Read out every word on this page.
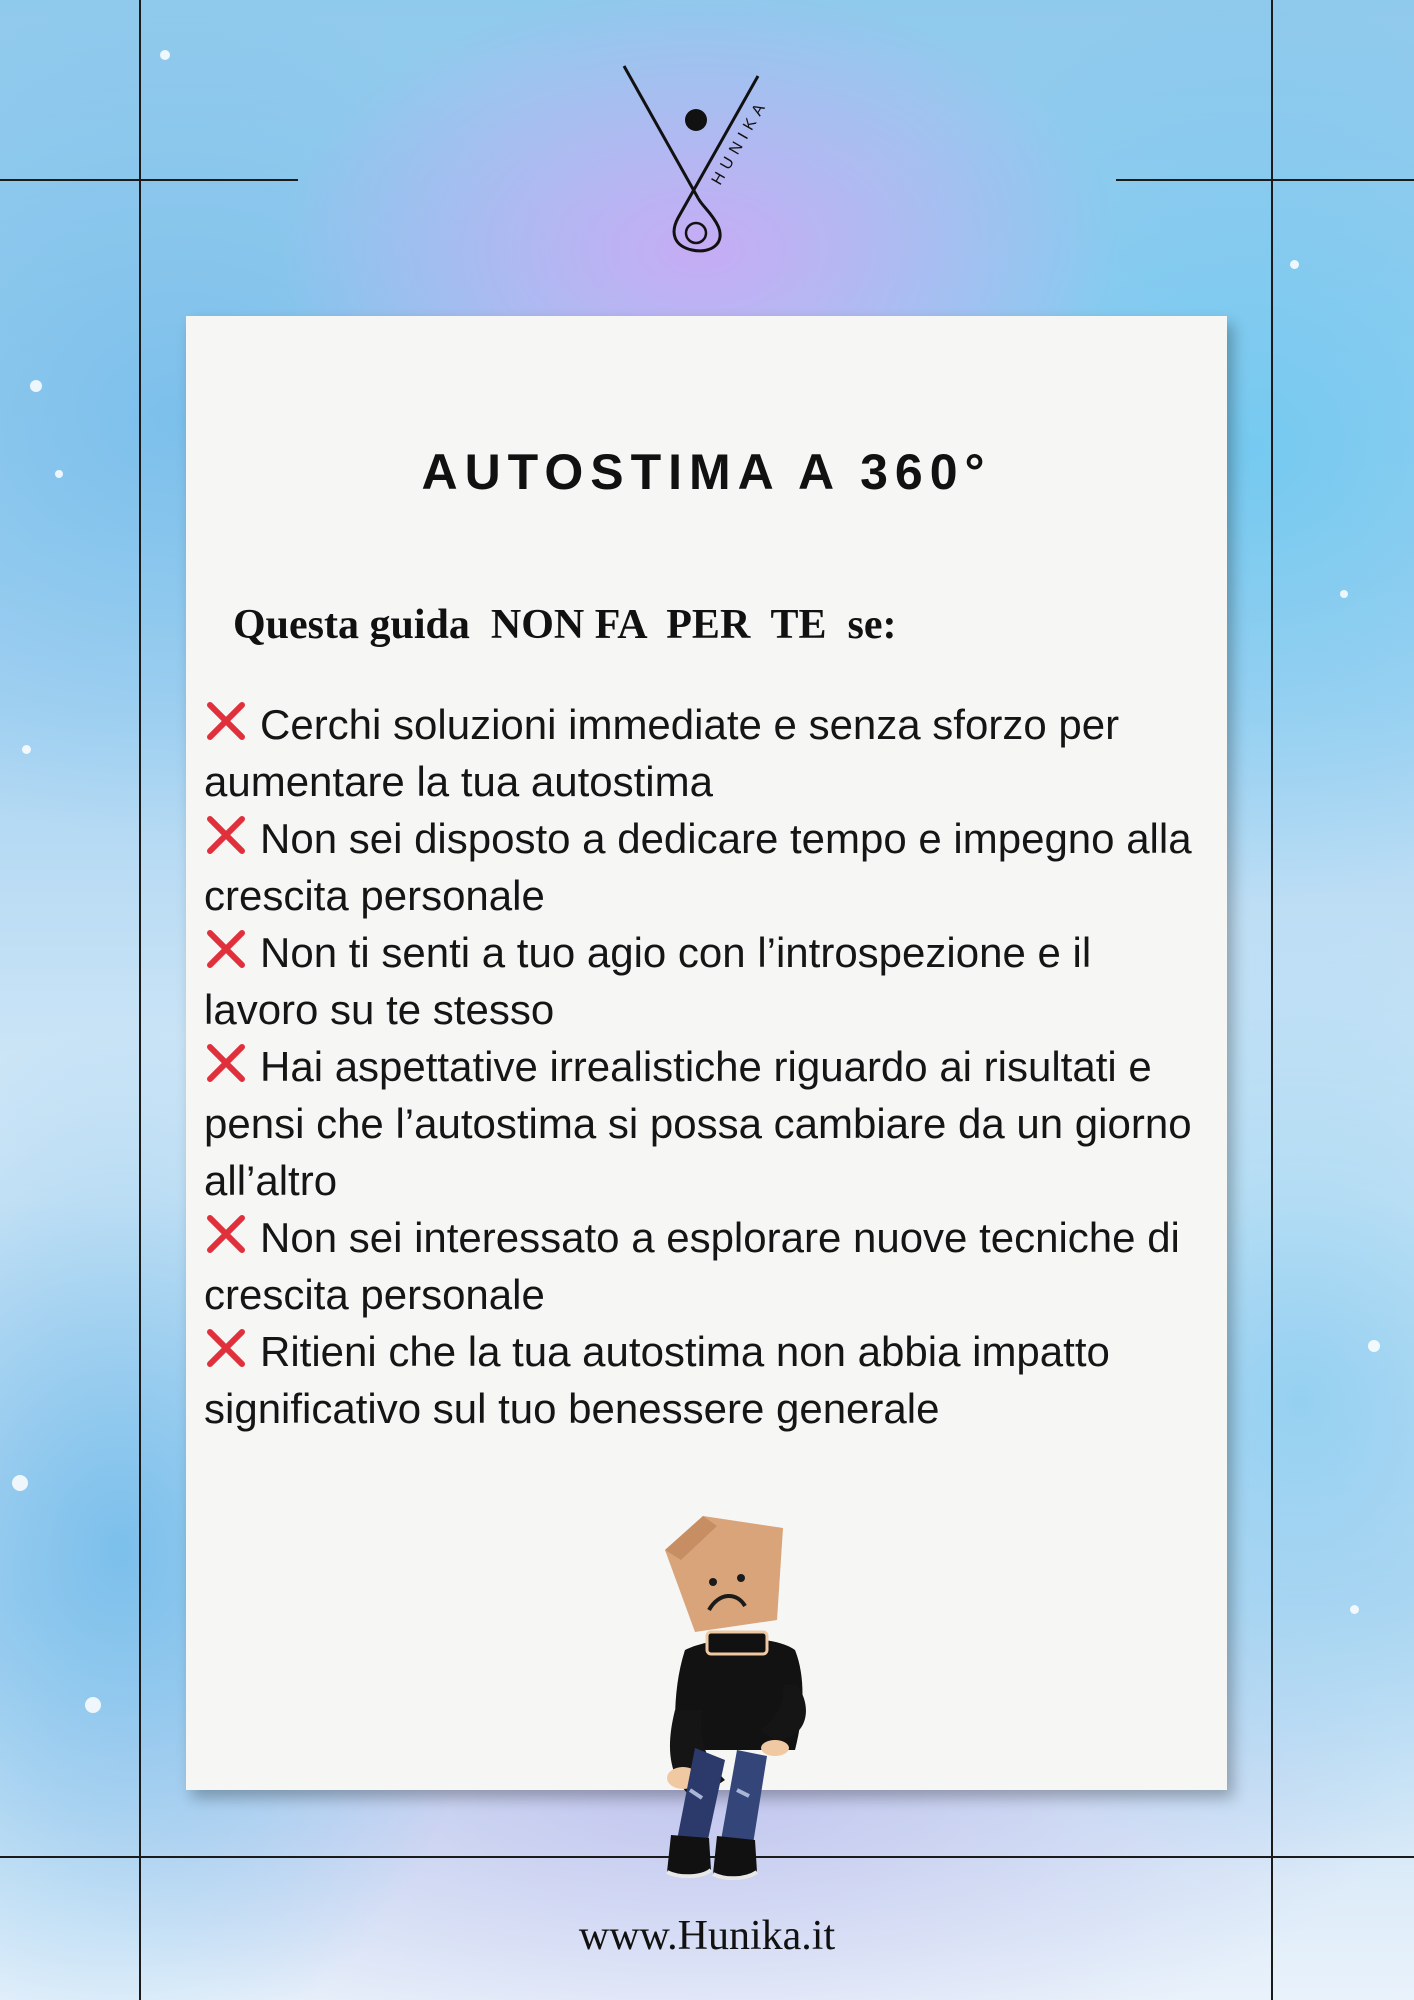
HUNIKA
AUTOSTIMA A 360°
Questa guida  NON FA  PER  TE  se:
Cerchi soluzioni immediate e senza sforzo per aumentare la tua autostima
Non sei disposto a dedicare tempo e impegno alla crescita personale
Non ti senti a tuo agio con l’introspezione e il lavoro su te stesso
Hai aspettative irrealistiche riguardo ai risultati e pensi che l’autostima si possa cambiare da un giorno all’altro
Non sei interessato a esplorare nuove tecniche di crescita personale
Ritieni che la tua autostima non abbia impatto significativo sul tuo benessere generale
www.Hunika.it
